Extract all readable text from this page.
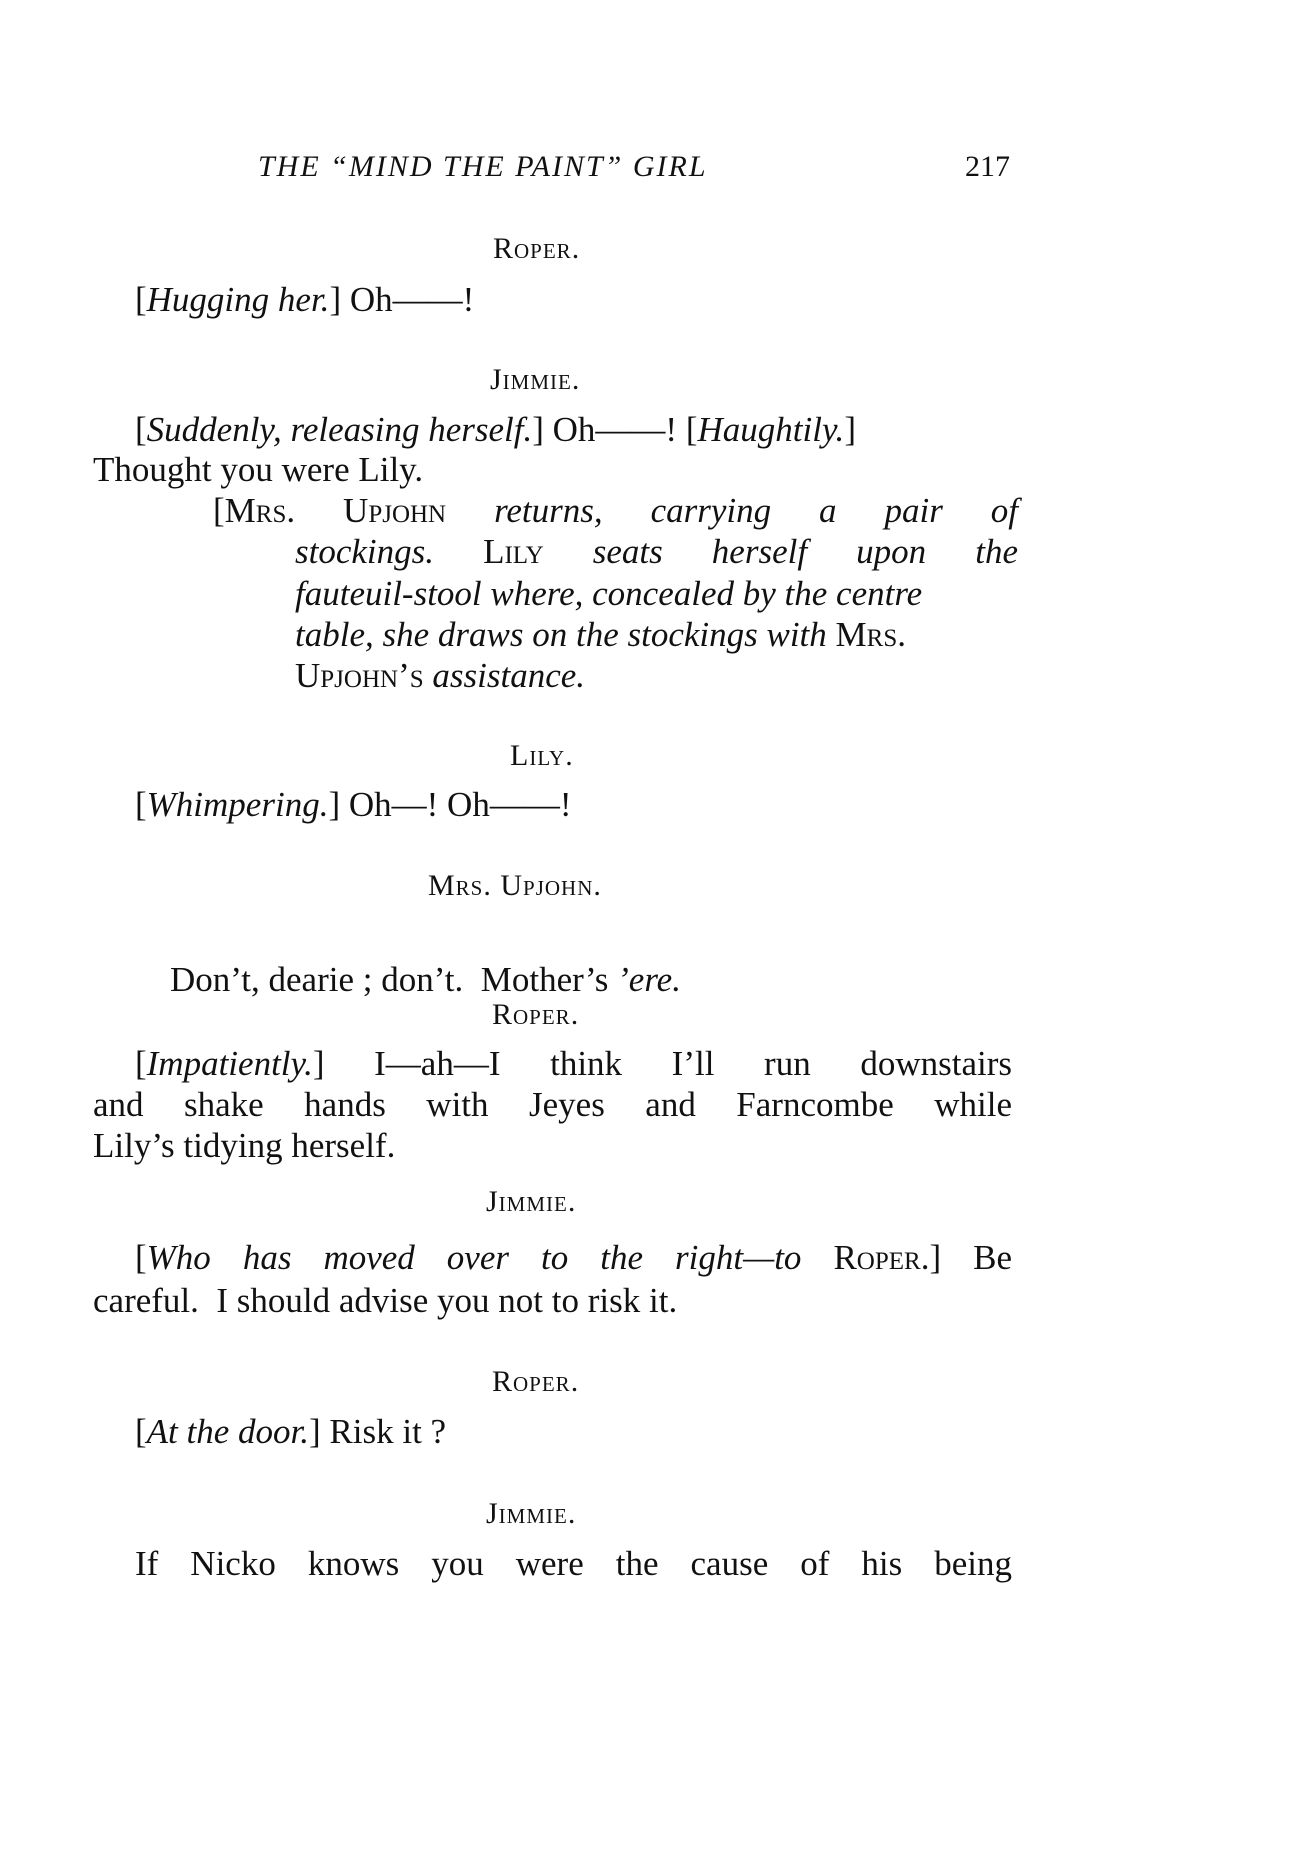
THE “MIND THE PAINT” GIRL	217
Roper.
[Hugging her.] Oh——!
Jimmie.
[Suddenly, releasing herself.] Oh——! [Haughtily.]
Thought you were Lily.
[Mrs. Upjohn returns, carrying a pair of
stockings. Lily seats herself upon the
fauteuil-stool where, concealed by the centre
table, she draws on the stockings with Mrs.
Upjohn’s assistance.
Lily.
[Whimpering.] Oh—! Oh——!
Mrs. Upjohn.

Don’t, dearie ; don’t.  Mother’s ’ere.

Roper.
[Impatiently.] I—ah—I think I’ll run downstairs
and shake hands with Jeyes and Farncombe while
Lily’s tidying herself.
Jimmie.
[Who has moved over to the right—to Roper.] Be
careful.  I should advise you not to risk it.
Roper.
[At the door.] Risk it ?
Jimmie.
If Nicko knows you were the cause of his being
